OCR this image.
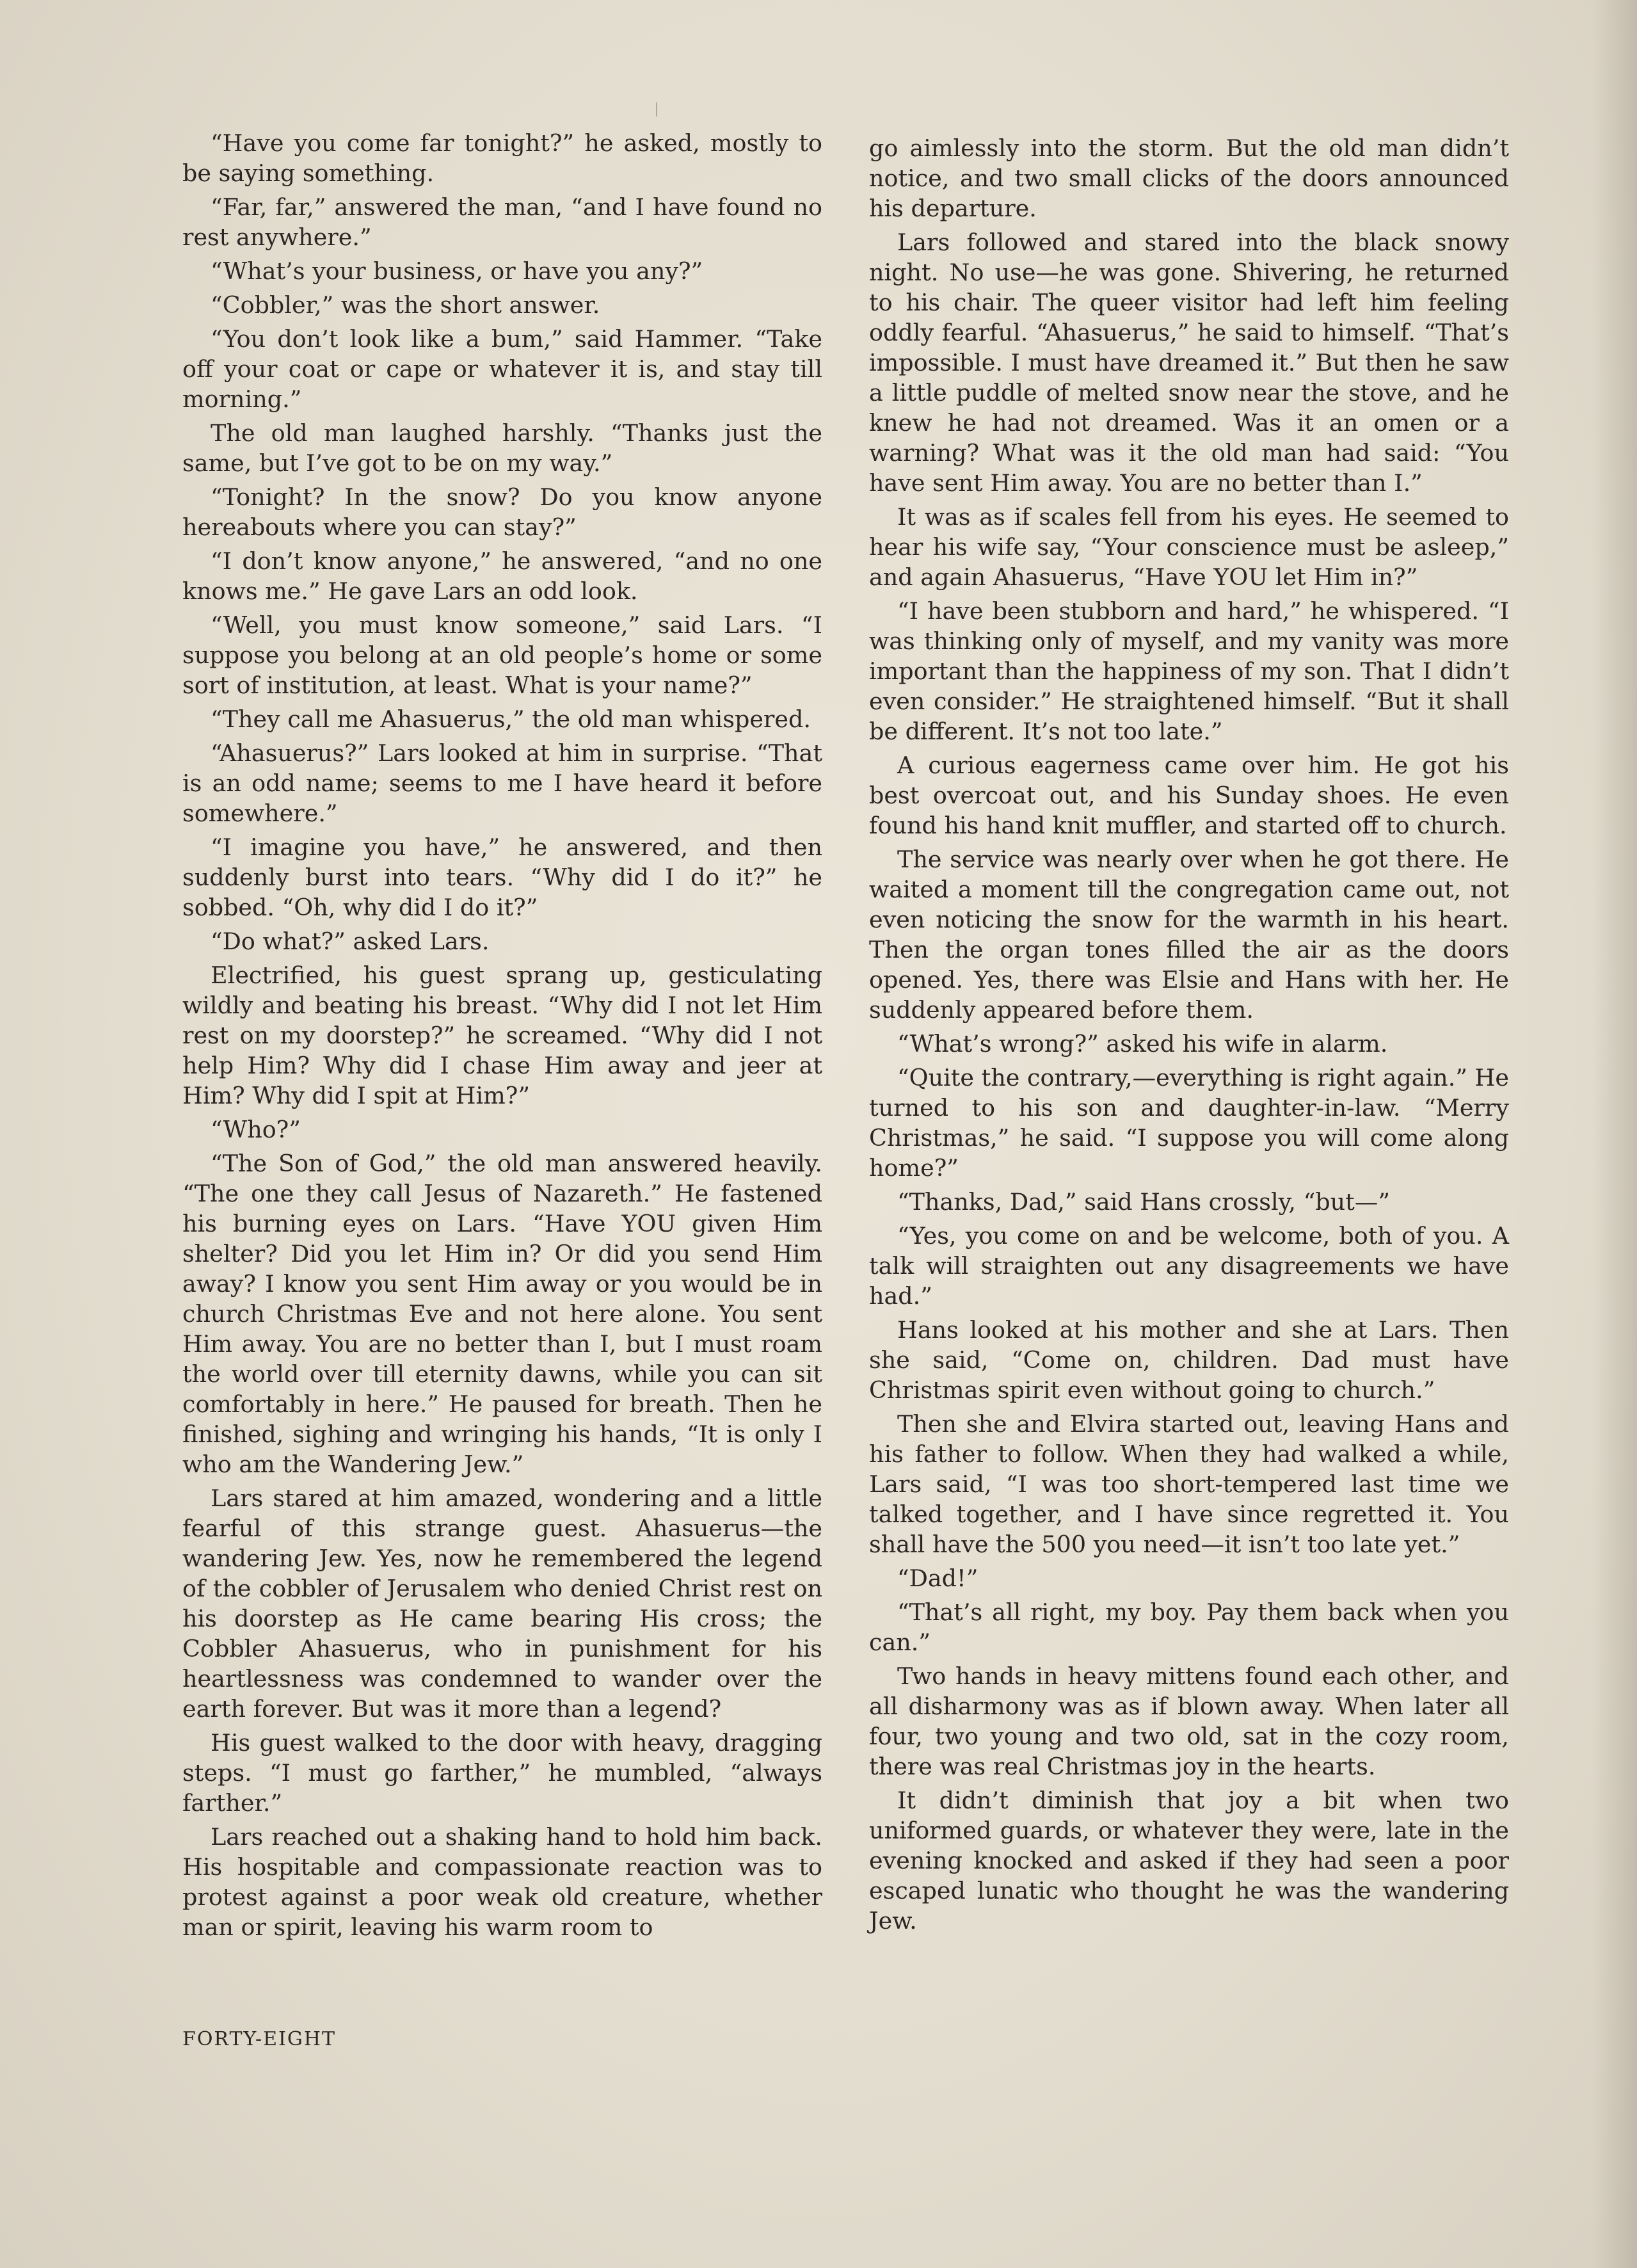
“Have you come far tonight?” he asked, mostly to be saying something.

“Far, far,” answered the man, “and I have found no rest anywhere.”

“What’s your business, or have you any?”

“Cobbler,” was the short answer.

“You don’t look like a bum,” said Hammer. “Take off your coat or cape or whatever it is, and stay till morning.”

The old man laughed harshly. “Thanks just the same, but I’ve got to be on my way.”

“Tonight? In the snow? Do you know anyone hereabouts where you can stay?”

“I don’t know anyone,” he answered, “and no one knows me.” He gave Lars an odd look.

“Well, you must know someone,” said Lars. “I suppose you belong at an old people’s home or some sort of institution, at least. What is your name?”

“They call me Ahasuerus,” the old man whispered.

“Ahasuerus?” Lars looked at him in surprise. “That is an odd name; seems to me I have heard it before somewhere.”

“I imagine you have,” he answered, and then suddenly burst into tears. “Why did I do it?” he sobbed. “Oh, why did I do it?”

“Do what?” asked Lars.

Electrified, his guest sprang up, gesticulating wildly and beating his breast. “Why did I not let Him rest on my doorstep?” he screamed. “Why did I not help Him? Why did I chase Him away and jeer at Him? Why did I spit at Him?”

“Who?”

“The Son of God,” the old man answered heavily. “The one they call Jesus of Nazareth.” He fastened his burning eyes on Lars. “Have YOU given Him shelter? Did you let Him in? Or did you send Him away? I know you sent Him away or you would be in church Christmas Eve and not here alone. You sent Him away. You are no better than I, but I must roam the world over till eternity dawns, while you can sit comfortably in here.” He paused for breath. Then he finished, sighing and wringing his hands, “It is only I who am the Wandering Jew.”

Lars stared at him amazed, wondering and a little fearful of this strange guest. Ahasuerus—the wandering Jew. Yes, now he remembered the legend of the cobbler of Jerusalem who denied Christ rest on his doorstep as He came bearing His cross; the Cobbler Ahasuerus, who in punishment for his heartlessness was condemned to wander over the earth forever. But was it more than a legend?

His guest walked to the door with heavy, dragging steps. “I must go farther,” he mumbled, “always farther.”

Lars reached out a shaking hand to hold him back. His hospitable and compassionate reaction was to protest against a poor weak old creature, whether man or spirit, leaving his warm room to

go aimlessly into the storm. But the old man didn’t notice, and two small clicks of the doors announced his departure.

Lars followed and stared into the black snowy night. No use—he was gone. Shivering, he returned to his chair. The queer visitor had left him feeling oddly fearful. “Ahasuerus,” he said to himself. “That’s impossible. I must have dreamed it.” But then he saw a little puddle of melted snow near the stove, and he knew he had not dreamed. Was it an omen or a warning? What was it the old man had said: “You have sent Him away. You are no better than I.”

It was as if scales fell from his eyes. He seemed to hear his wife say, “Your conscience must be asleep,” and again Ahasuerus, “Have YOU let Him in?”

“I have been stubborn and hard,” he whispered. “I was thinking only of myself, and my vanity was more important than the happiness of my son. That I didn’t even consider.” He straightened himself. “But it shall be different. It’s not too late.”

A curious eagerness came over him. He got his best overcoat out, and his Sunday shoes. He even found his hand knit muffler, and started off to church.

The service was nearly over when he got there. He waited a moment till the congregation came out, not even noticing the snow for the warmth in his heart. Then the organ tones filled the air as the doors opened. Yes, there was Elsie and Hans with her. He suddenly appeared before them.

“What’s wrong?” asked his wife in alarm.

“Quite the contrary,—everything is right again.” He turned to his son and daughter-in-law. “Merry Christmas,” he said. “I suppose you will come along home?”

“Thanks, Dad,” said Hans crossly, “but—”

“Yes, you come on and be welcome, both of you. A talk will straighten out any disagreements we have had.”

Hans looked at his mother and she at Lars. Then she said, “Come on, children. Dad must have Christmas spirit even without going to church.”

Then she and Elvira started out, leaving Hans and his father to follow. When they had walked a while, Lars said, “I was too short-tempered last time we talked together, and I have since regretted it. You shall have the 500 you need—it isn’t too late yet.”

“Dad!”

“That’s all right, my boy. Pay them back when you can.”

Two hands in heavy mittens found each other, and all disharmony was as if blown away. When later all four, two young and two old, sat in the cozy room, there was real Christmas joy in the hearts.

It didn’t diminish that joy a bit when two uniformed guards, or whatever they were, late in the evening knocked and asked if they had seen a poor escaped lunatic who thought he was the wandering Jew.

FORTY-EIGHT
